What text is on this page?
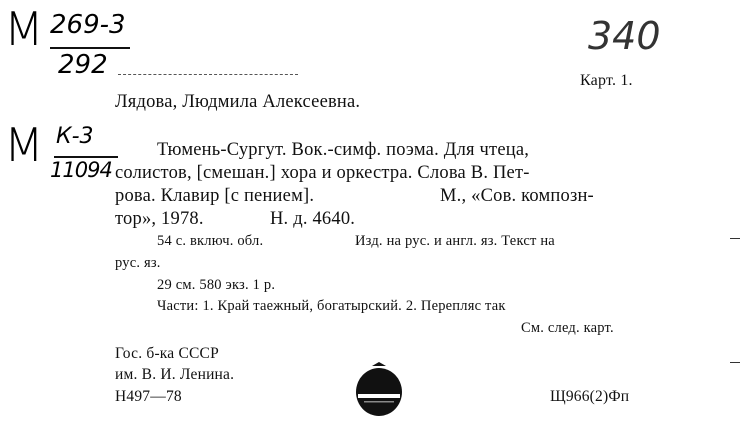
М 269-3
292
340
М К-3
11094
Карт. 1.
Лядова, Людмила Алексеевна.
Тюмень-Сургут. Вок.-симф. поэма. Для чтеца,
солистов, [смешан.] хора и оркестра. Слова В. Пет-
рова. Клавир [с пением].	М., «Сов. композн-
тор», 1978.	Н. д. 4640.
54 с. включ. обл.	Изд. на рус. и англ. яз. Текст на
рус. яз.
29 см. 580 экз. 1 р.
Части: 1. Край таежный, богатырский. 2. Перепляс так
См. след. карт.
Гос. б-ка СССР
им. В. И. Ленина.
Н497—78	Щ966(2)Фп
